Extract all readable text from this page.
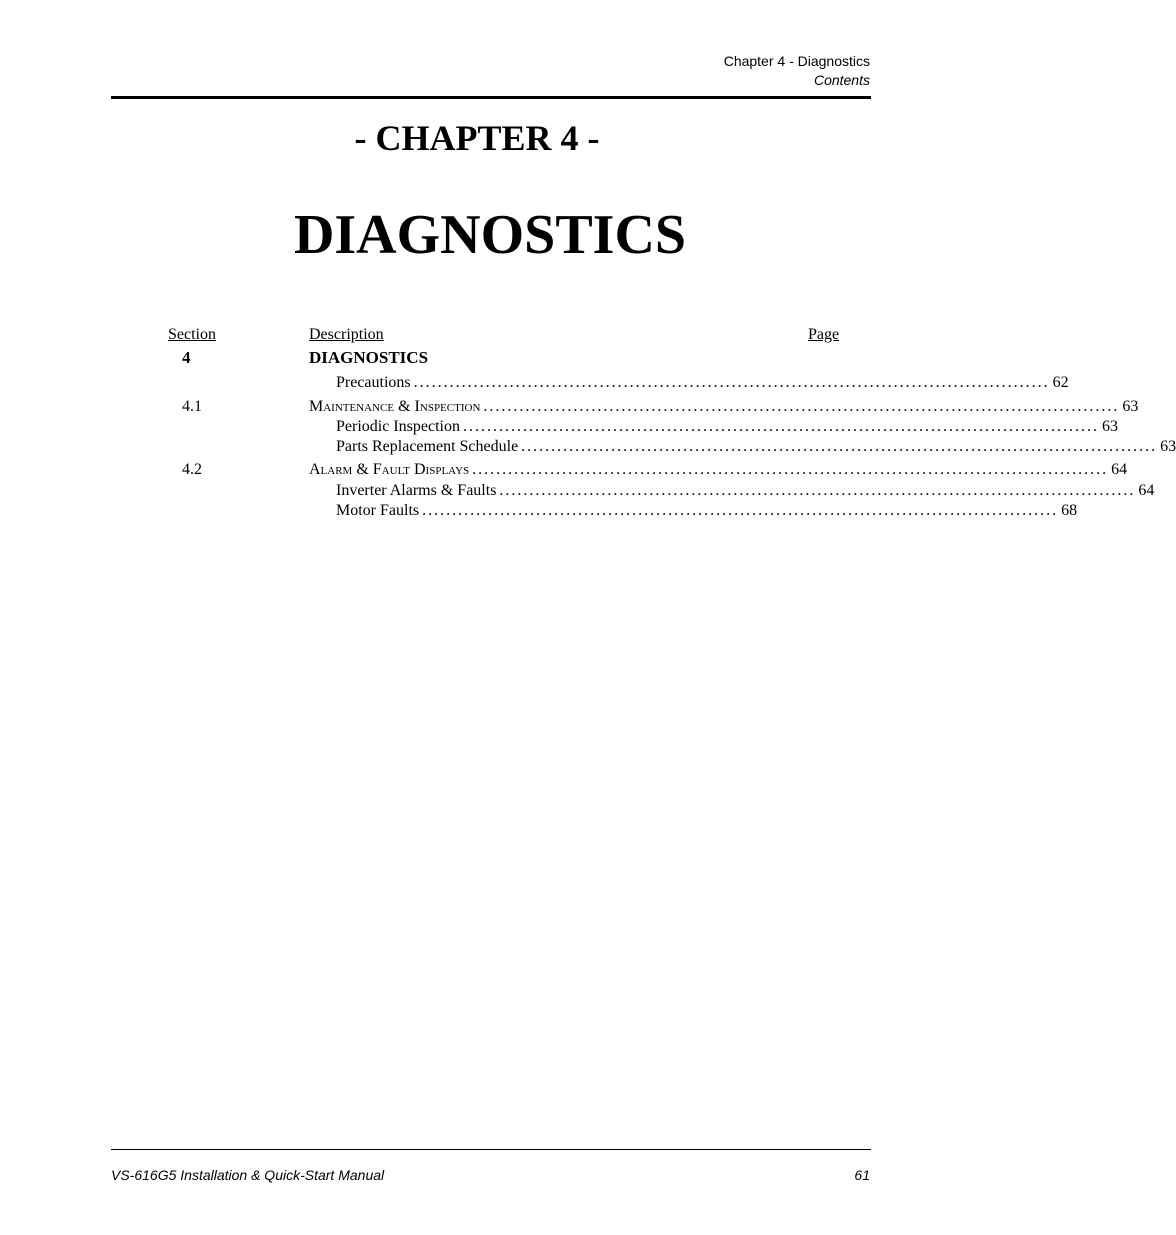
Chapter 4 - Diagnostics
Contents
- CHAPTER 4 -
DIAGNOSTICS
Section	Description	Page
4	DIAGNOSTICS
Precautions .......................................................................................................... 62
4.1	Maintenance & Inspection .......................................................................................................... 63
Periodic Inspection .......................................................................................................... 63
Parts Replacement Schedule .......................................................................................................... 63
4.2	Alarm & Fault Displays .......................................................................................................... 64
Inverter Alarms & Faults .......................................................................................................... 64
Motor Faults .......................................................................................................... 68
VS-616G5 Installation & Quick-Start Manual	61
